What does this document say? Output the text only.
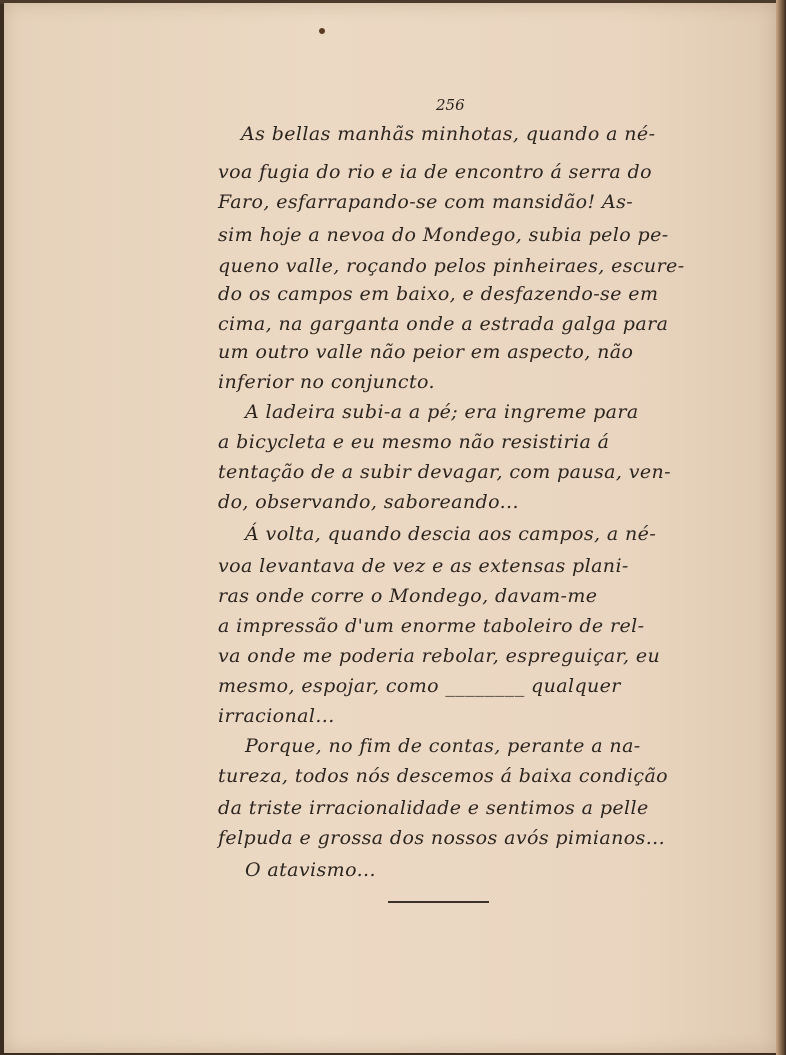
256
As bellas manhãs minhotas, quando a né-
voa fugia do rio e ia de encontro á serra do
Faro, esfarrapando-se com mansidão! As-
sim hoje a nevoa do Mondego, subia pelo pe-
queno valle, roçando pelos pinheiraes, escure-
do os campos em baixo, e desfazendo-se em
cima, na garganta onde a estrada galga para
um outro valle não peior em aspecto, não
inferior no conjuncto.
A ladeira subi-a a pé; era ingreme para
a bicycleta e eu mesmo não resistiria á
tentação de a subir devagar, com pausa, ven-
do, observando, saboreando...
Á volta, quando descia aos campos, a né-
voa levantava de vez e as extensas plani-
ras onde corre o Mondego, davam-me
a impressão d'um enorme taboleiro de rel-
va onde me poderia rebolar, espreguiçar, eu
mesmo, espojar, como ________ qualquer
irracional...
Porque, no fim de contas, perante a na-
tureza, todos nós descemos á baixa condição
da triste irracionalidade e sentimos a pelle
felpuda e grossa dos nossos avós pimianos...
O atavismo...
